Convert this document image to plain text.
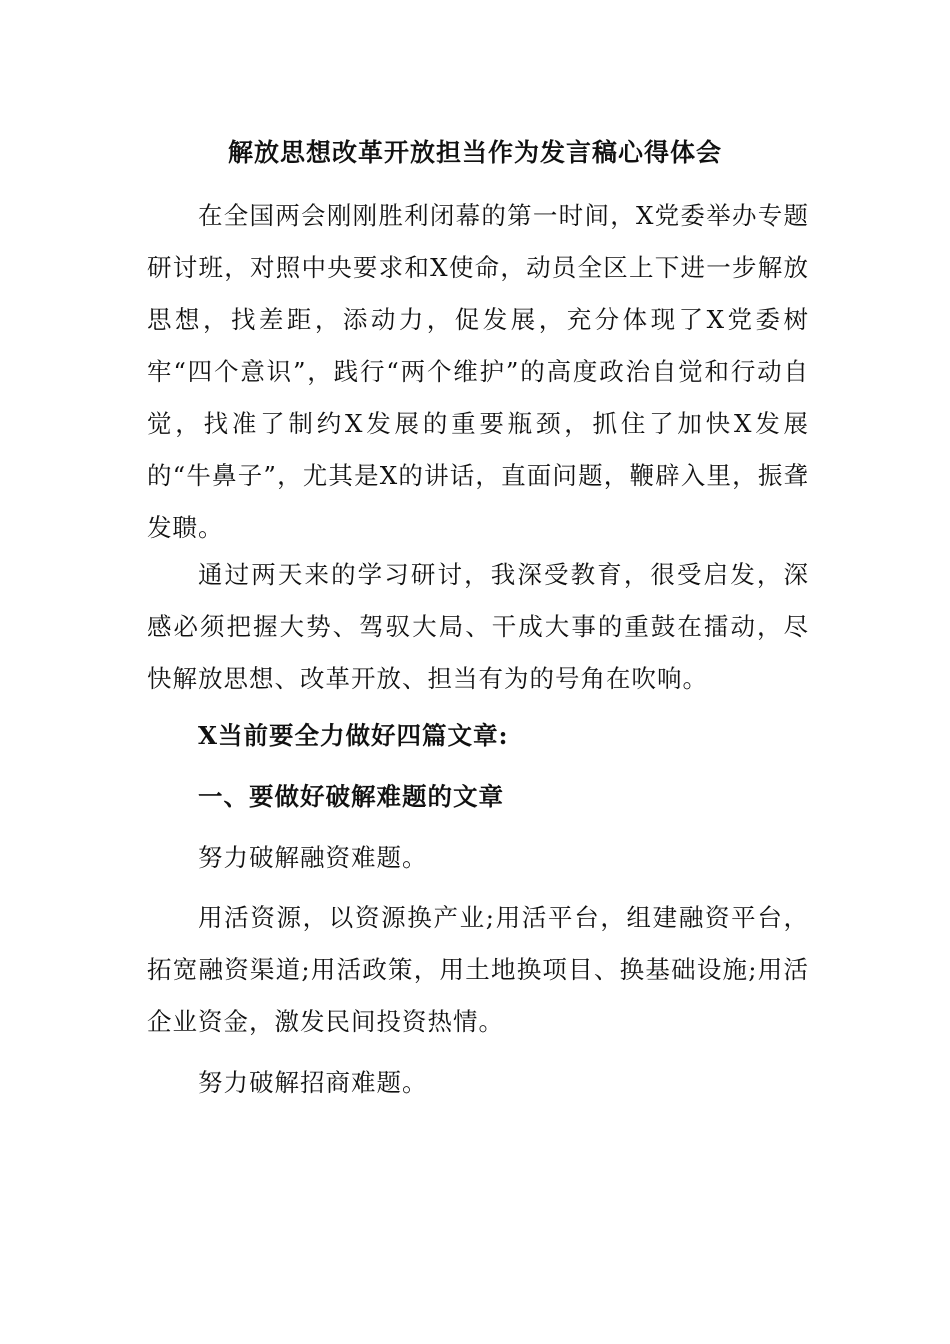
解放思想改革开放担当作为发言稿心得体会

在全国两会刚刚胜利闭幕的第一时间，X党委举办专题研讨班，对照中央要求和X使命，动员全区上下进一步解放思想，找差距，添动力，促发展，充分体现了X党委树牢“四个意识”，践行“两个维护”的高度政治自觉和行动自觉，找准了制约X发展的重要瓶颈，抓住了加快X发展的“牛鼻子”，尤其是X的讲话，直面问题，鞭辟入里，振聋发聩。

通过两天来的学习研讨，我深受教育，很受启发，深感必须把握大势、驾驭大局、干成大事的重鼓在擂动，尽快解放思想、改革开放、担当有为的号角在吹响。

X当前要全力做好四篇文章:

一、要做好破解难题的文章

努力破解融资难题。

用活资源，以资源换产业;用活平台，组建融资平台，拓宽融资渠道;用活政策，用土地换项目、换基础设施;用活企业资金，激发民间投资热情。

努力破解招商难题。
